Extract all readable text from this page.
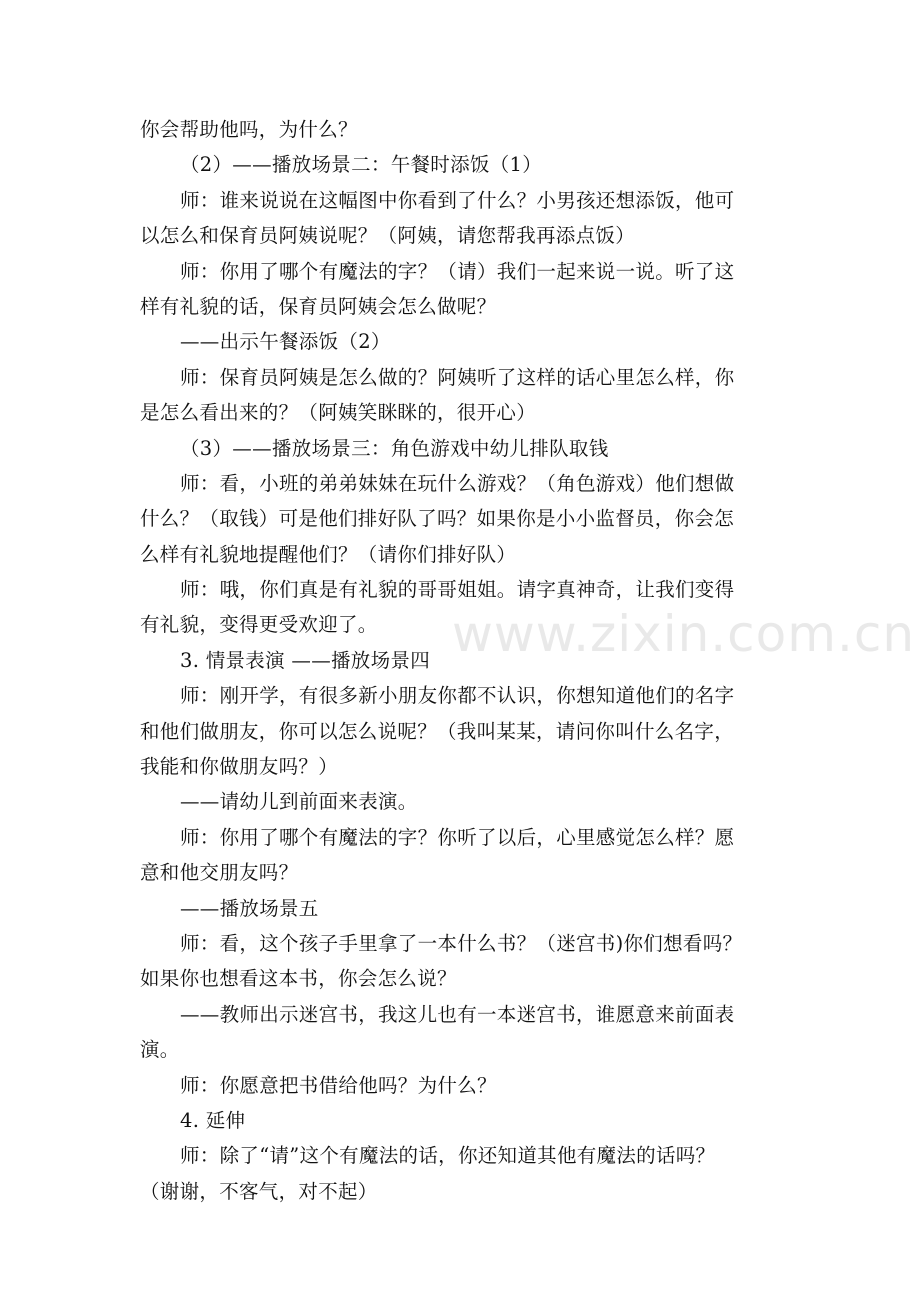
www.zixin.com.cn
你会帮助他吗，为什么？
（2）——播放场景二：午餐时添饭（1）
师：谁来说说在这幅图中你看到了什么？小男孩还想添饭，他可
以怎么和保育员阿姨说呢？（阿姨，请您帮我再添点饭）
师：你用了哪个有魔法的字？（请）我们一起来说一说。听了这
样有礼貌的话，保育员阿姨会怎么做呢？
——出示午餐添饭（2）
师：保育员阿姨是怎么做的？阿姨听了这样的话心里怎么样，你
是怎么看出来的？（阿姨笑眯眯的，很开心）
（3）——播放场景三：角色游戏中幼儿排队取钱
师：看，小班的弟弟妹妹在玩什么游戏？（角色游戏）他们想做
什么？（取钱）可是他们排好队了吗？如果你是小小监督员，你会怎
么样有礼貌地提醒他们？（请你们排好队）
师：哦，你们真是有礼貌的哥哥姐姐。请字真神奇，让我们变得
有礼貌，变得更受欢迎了。
3. 情景表演 ——播放场景四
师：刚开学，有很多新小朋友你都不认识，你想知道他们的名字
和他们做朋友，你可以怎么说呢？（我叫某某，请问你叫什么名字，
我能和你做朋友吗？）
——请幼儿到前面来表演。
师：你用了哪个有魔法的字？你听了以后，心里感觉怎么样？愿
意和他交朋友吗？
——播放场景五
师：看，这个孩子手里拿了一本什么书？（迷宫书)你们想看吗？
如果你也想看这本书，你会怎么说？
——教师出示迷宫书，我这儿也有一本迷宫书，谁愿意来前面表
演。
师：你愿意把书借给他吗？为什么？
4. 延伸
师：除了“请”这个有魔法的话，你还知道其他有魔法的话吗？
（谢谢，不客气，对不起）
